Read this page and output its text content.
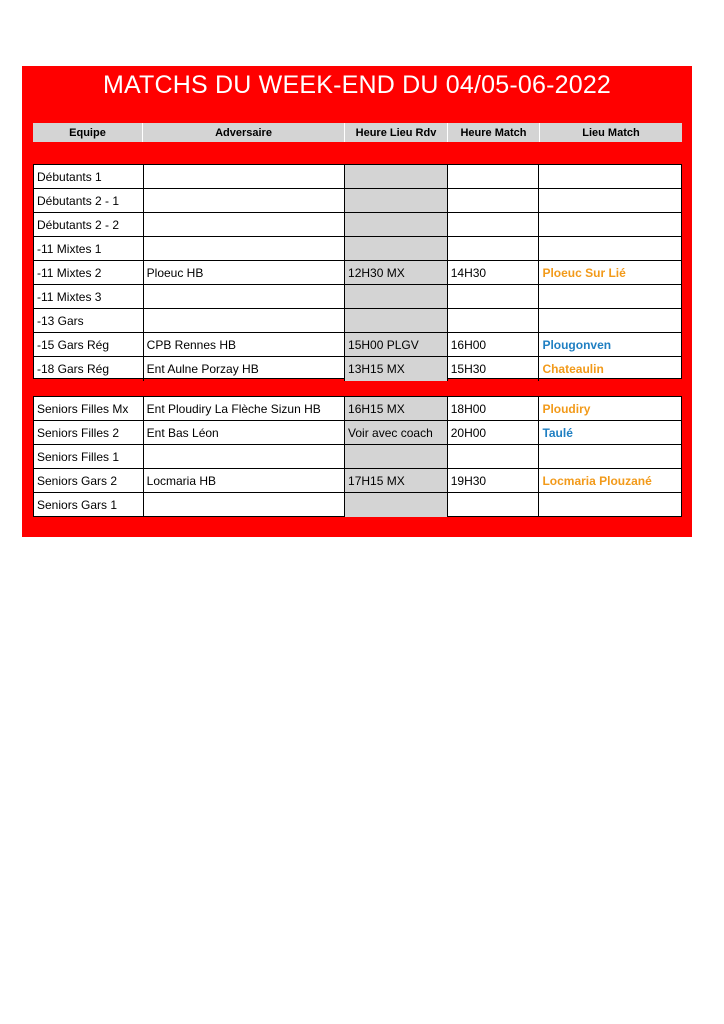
MATCHS DU WEEK-END DU 04/05-06-2022
Equipe	Adversaire	Heure Lieu Rdv	Heure Match	Lieu Match
Débutants 1
Débutants 2 - 1
Débutants 2 - 2
-11 Mixtes 1
-11 Mixtes 2	Ploeuc HB	12H30 MX	14H30	Ploeuc Sur Lié
-11 Mixtes 3
-13 Gars
-15 Gars Rég	CPB Rennes HB	15H00 PLGV	16H00	Plougonven
-18 Gars Rég	Ent Aulne Porzay HB	13H15 MX	15H30	Chateaulin
Seniors Filles Mx	Ent Ploudiry La Flèche Sizun HB	16H15 MX	18H00	Ploudiry
Seniors Filles 2	Ent Bas Léon	Voir avec coach	20H00	Taulé
Seniors Filles 1
Seniors Gars 2	Locmaria HB	17H15 MX	19H30	Locmaria Plouzané
Seniors Gars 1
